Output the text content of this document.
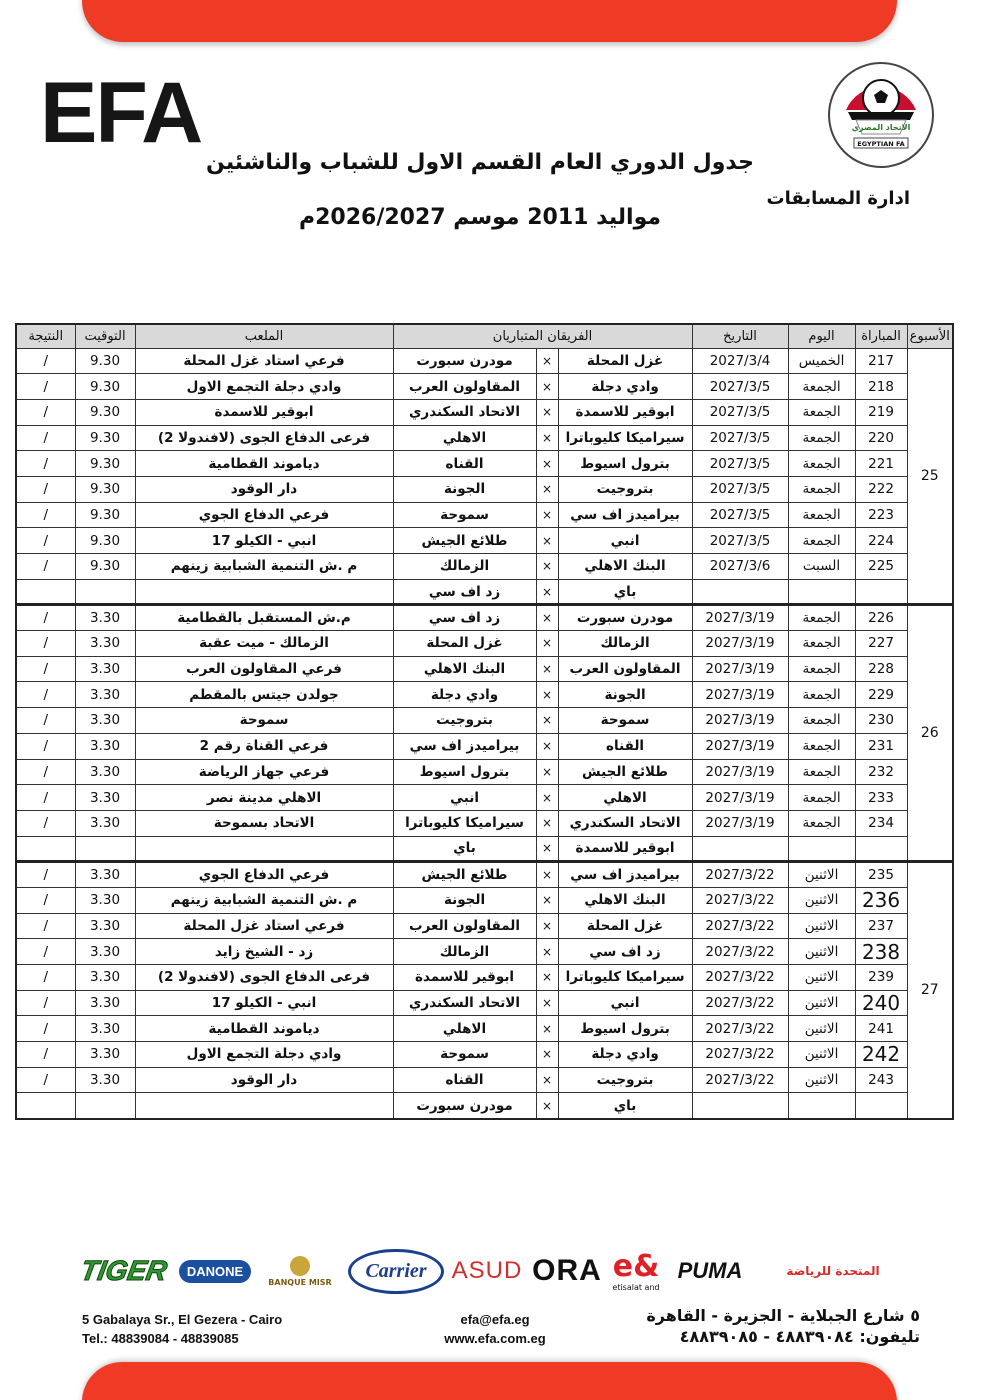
EFA	الاتحاد المصري
EGYPTIAN FA
جدول الدوري العام القسم الاول للشباب والناشئين
ادارة المسابقات
مواليد 2011 موسم 2026/2027م
الأسبوع	المباراة	اليوم	التاريخ	الفريقان المتباريان			الملعب	التوقيت	النتيجة
25	217	الخميس	2027/3/4	غزل المحلة	×	مودرن سبورت	فرعي استاد غزل المحلة	9.30	/
	218	الجمعة	2027/3/5	وادي دجلة	×	المقاولون العرب	وادي دجلة التجمع الاول	9.30	/
	219	الجمعة	2027/3/5	ابوقير للاسمدة	×	الاتحاد السكندري	ابوقير للاسمدة	9.30	/
	220	الجمعة	2027/3/5	سيراميكا كليوباترا	×	الاهلي	فرعى الدفاع الجوى (لافندولا 2)	9.30	/
	221	الجمعة	2027/3/5	بترول اسيوط	×	القناه	دياموند القطامية	9.30	/
	222	الجمعة	2027/3/5	بتروجيت	×	الجونة	دار الوقود	9.30	/
	223	الجمعة	2027/3/5	بيراميدز اف سي	×	سموحة	فرعي الدفاع الجوي	9.30	/
	224	الجمعة	2027/3/5	انبي	×	طلائع الجيش	انبي - الكيلو 17	9.30	/
	225	السبت	2027/3/6	البنك الاهلي	×	الزمالك	م .ش التنمية الشبابية زينهم	9.30	/
				باي	×	زد اف سي			
26	226	الجمعة	2027/3/19	مودرن سبورت	×	زد اف سي	م.ش المستقبل بالقطامية	3.30	/
	227	الجمعة	2027/3/19	الزمالك	×	غزل المحلة	الزمالك - ميت عقبة	3.30	/
	228	الجمعة	2027/3/19	المقاولون العرب	×	البنك الاهلي	فرعي المقاولون العرب	3.30	/
	229	الجمعة	2027/3/19	الجونة	×	وادي دجلة	جولدن جيتس بالمقطم	3.30	/
	230	الجمعة	2027/3/19	سموحة	×	بتروجيت	سموحة	3.30	/
	231	الجمعة	2027/3/19	القناه	×	بيراميدز اف سي	فرعي القناة رقم 2	3.30	/
	232	الجمعة	2027/3/19	طلائع الجيش	×	بترول اسيوط	فرعي جهاز الرياضة	3.30	/
	233	الجمعة	2027/3/19	الاهلي	×	انبي	الاهلي مدينة نصر	3.30	/
	234	الجمعة	2027/3/19	الاتحاد السكندري	×	سيراميكا كليوباترا	الاتحاد بسموحة	3.30	/
				ابوقير للاسمدة	×	باي			
27	235	الاثنين	2027/3/22	بيراميدز اف سي	×	طلائع الجيش	فرعي الدفاع الجوي	3.30	/
	236	الاثنين	2027/3/22	البنك الاهلي	×	الجونة	م .ش التنمية الشبابية زينهم	3.30	/
	237	الاثنين	2027/3/22	غزل المحلة	×	المقاولون العرب	فرعي استاد غزل المحلة	3.30	/
	238	الاثنين	2027/3/22	زد اف سي	×	الزمالك	زد - الشيخ زايد	3.30	/
	239	الاثنين	2027/3/22	سيراميكا كليوباترا	×	ابوقير للاسمدة	فرعى الدفاع الجوى (لافندولا 2)	3.30	/
	240	الاثنين	2027/3/22	انبي	×	الاتحاد السكندري	انبي - الكيلو 17	3.30	/
	241	الاثنين	2027/3/22	بترول اسيوط	×	الاهلي	دياموند القطامية	3.30	/
	242	الاثنين	2027/3/22	وادي دجلة	×	سموحة	وادي دجلة التجمع الاول	3.30	/
	243	الاثنين	2027/3/22	بتروجيت	×	القناه	دار الوقود	3.30	/
				باي	×	مودرن سبورت			
TIGER	DANONE
BANQUE MISR
Carrier	ASUD ORA e&
etisalat and
PUMA	المتحدة للرياضة
5 Gabalaya Sr., El Gezera - Cairo
Tel.: 48839084 - 48839085
efa@efa.eg
www.efa.com.eg
٥ شارع الجبلاية - الجزيرة - القاهرة
تليفون: ٤٨٨٣٩٠٨٤ - ٤٨٨٣٩٠٨٥
